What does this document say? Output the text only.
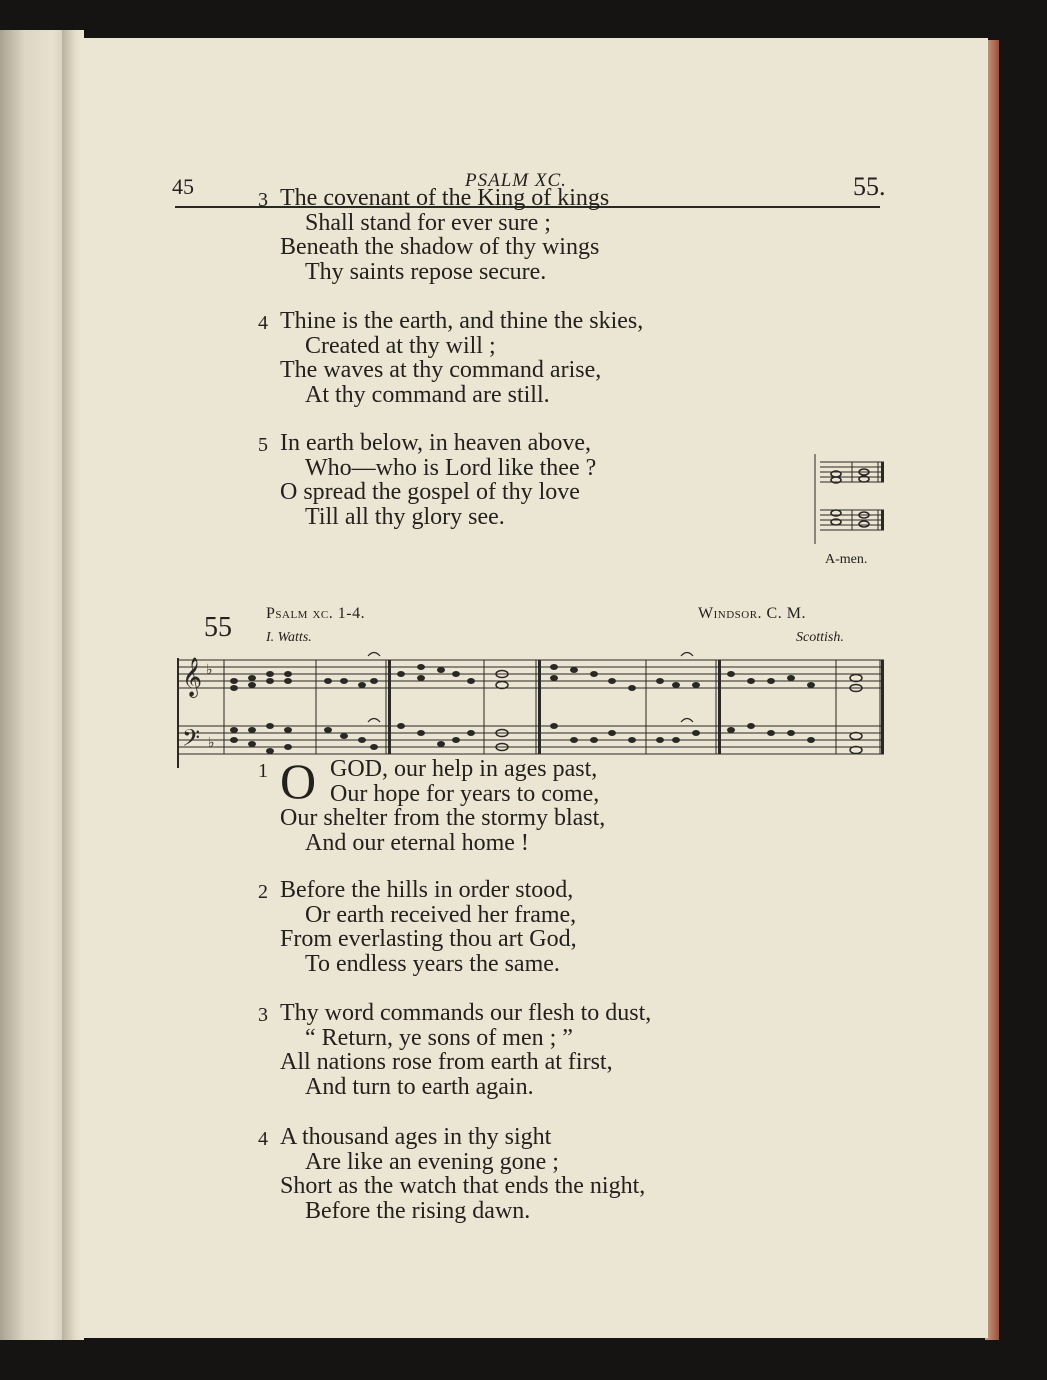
45	PSALM XC.	55.
3 The covenant of the King of kings
Shall stand for ever sure ;
Beneath the shadow of thy wings
Thy saints repose secure.
4 Thine is the earth, and thine the skies,
Created at thy will ;
The waves at thy command arise,
At thy command are still.
5 In earth below, in heaven above,
Who—who is Lord like thee ?
O spread the gospel of thy love
Till all thy glory see.
A-men.
55 Psalm xc. 1-4.
I. Watts.
Windsor. C. M.
Scottish.
𝄞
𝄢
♭
♭
1 O GOD, our help in ages past,
Our hope for years to come,
Our shelter from the stormy blast,
And our eternal home !
2 Before the hills in order stood,
Or earth received her frame,
From everlasting thou art God,
To endless years the same.
3 Thy word commands our flesh to dust,
“ Return, ye sons of men ; ”
All nations rose from earth at first,
And turn to earth again.
4 A thousand ages in thy sight
Are like an evening gone ;
Short as the watch that ends the night,
Before the rising dawn.
